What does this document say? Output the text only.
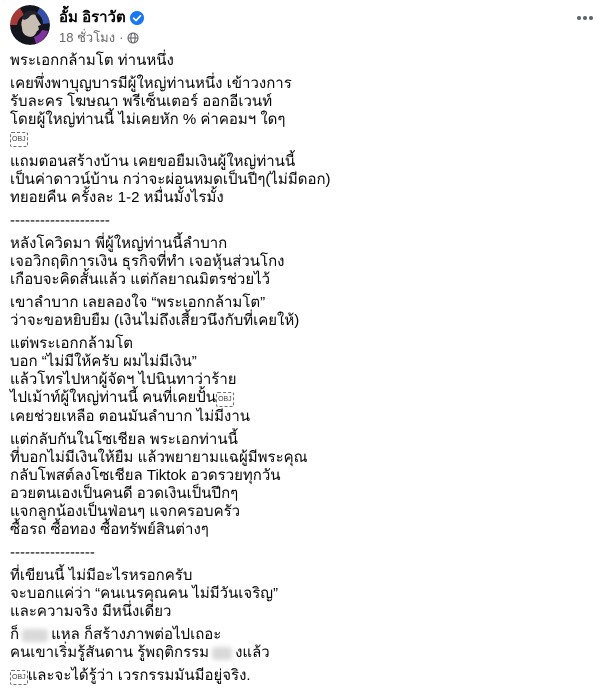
อั้ม อิราวัต
18 ชั่วโมง ·
พระเอกกล้ามโต ท่านหนึ่ง
เคยพึ่งพาบุญบารมีผู้ใหญ่ท่านหนึ่ง เข้าวงการ
รับละคร โฆษณา พรีเซ็นเตอร์ ออกอีเวนท์
โดยผู้ใหญ่ท่านนี้ ไม่เคยหัก % ค่าคอมฯ ใดๆ
OBJ
แถมตอนสร้างบ้าน เคยขอยืมเงินผู้ใหญ่ท่านนี้
เป็นค่าดาวน์บ้าน กว่าจะผ่อนหมดเป็นปีๆ(ไม่มีดอก)
ทยอยคืน ครั้งละ 1-2 หมื่นมั้งไรมั้ง
--------------------
หลังโควิดมา พี่ผู้ใหญ่ท่านนี้ลำบาก
เจอวิกฤติการเงิน ธุรกิจที่ทำ เจอหุ้นส่วนโกง
เกือบจะคิดสั้นแล้ว แต่กัลยาณมิตรช่วยไว้
เขาลำบาก เลยลองใจ “พระเอกกล้ามโต”
ว่าจะขอหยิบยืม (เงินไม่ถึงเสี้ยวนึงกับที่เคยให้)
แต่พระเอกกล้ามโต
บอก “ไม่มีให้ครับ ผมไม่มีเงิน”
แล้วโทรไปหาผู้จัดฯ ไปนินทาว่าร้าย
ไปเม้าท์ผู้ใหญ่ท่านนี้ คนที่เคยปั้น OBJ
เคยช่วยเหลือ ตอนมันลำบาก ไม่มีงาน
แต่กลับกันในโซเชียล พระเอกท่านนี้
ที่บอกไม่มีเงินให้ยืม แล้วพยายามแฉผู้มีพระคุณ
กลับโพสต์ลงโซเชียล Tiktok อวดรวยทุกวัน
อวยตนเองเป็นคนดี อวดเงินเป็นปึกๆ
แจกลูกน้องเป็นฟ่อนๆ แจกครอบครัว
ซื้อรถ ซื้อทอง ซื้อทรัพย์สินต่างๆ
-----------------
ที่เขียนนี้ ไม่มีอะไรหรอกครับ
จะบอกแค่ว่า “คนเนรคุณคน ไม่มีวันเจริญ”
และความจริง มีหนึ่งเดียว
ก็ แหล ก็สร้างภาพต่อไปเถอะ
คนเขาเริ่มรู้สันดาน รู้พฤติกรรม งแล้ว
OBJ และจะได้รู้ว่า เวรกรรมมันมีอยู่จริง.
